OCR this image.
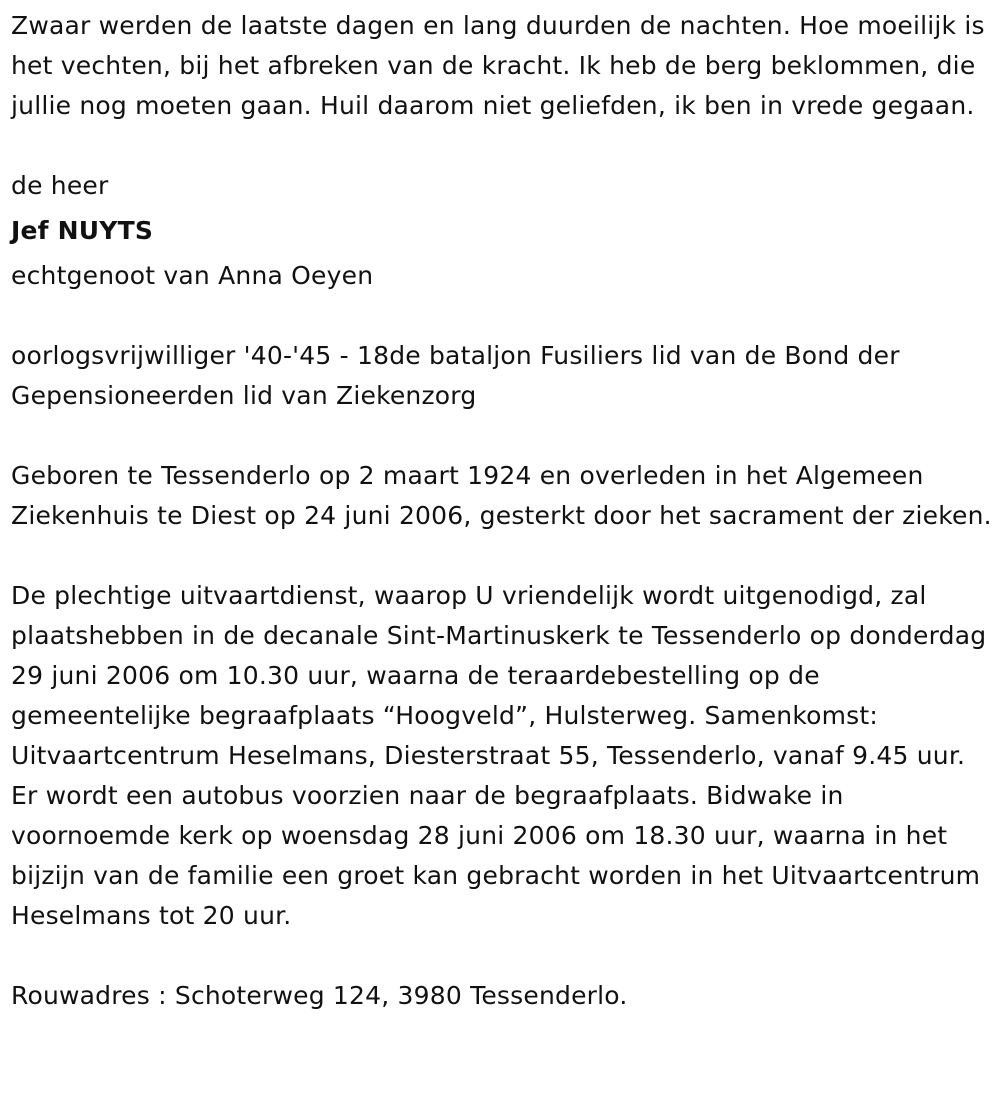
Zwaar werden de laatste dagen en lang duurden de nachten. Hoe moeilijk is het vechten, bij het afbreken van de kracht. Ik heb de berg beklommen, die jullie nog moeten gaan. Huil daarom niet geliefden, ik ben in vrede gegaan.

de heer

Jef NUYTS

echtgenoot van Anna Oeyen

oorlogsvrijwilliger '40-'45 - 18de bataljon Fusiliers lid van de Bond der Gepensioneerden lid van Ziekenzorg

Geboren te Tessenderlo op 2 maart 1924 en overleden in het Algemeen Ziekenhuis te Diest op 24 juni 2006, gesterkt door het sacrament der zieken.

De plechtige uitvaartdienst, waarop U vriendelijk wordt uitgenodigd, zal plaatshebben in de decanale Sint-Martinuskerk te Tessenderlo op donderdag 29 juni 2006 om 10.30 uur, waarna de teraardebestelling op de gemeentelijke begraafplaats “Hoogveld”, Hulsterweg. Samenkomst: Uitvaartcentrum Heselmans, Diesterstraat 55, Tessenderlo, vanaf 9.45 uur. Er wordt een autobus voorzien naar de begraafplaats. Bidwake in voornoemde kerk op woensdag 28 juni 2006 om 18.30 uur, waarna in het bijzijn van de familie een groet kan gebracht worden in het Uitvaartcentrum Heselmans tot 20 uur.

Rouwadres : Schoterweg 124, 3980 Tessenderlo.
